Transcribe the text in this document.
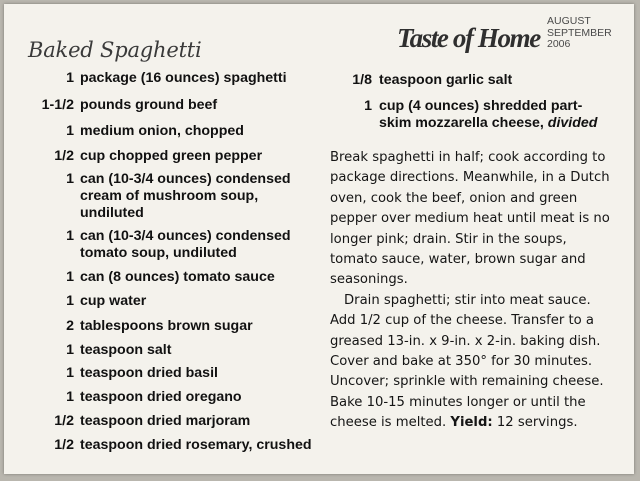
Baked Spaghetti	Taste of Home
AUGUST
SEPTEMBER
2006
1 package (16 ounces) spaghetti
1-1/2 pounds ground beef
1 medium onion, chopped
1/2 cup chopped green pepper
1 can (10-3/4 ounces) condensed cream of mushroom soup, undiluted
1 can (10-3/4 ounces) condensed tomato soup, undiluted
1 can (8 ounces) tomato sauce
1 cup water
2 tablespoons brown sugar
1 teaspoon salt
1 teaspoon dried basil
1 teaspoon dried oregano
1/2 teaspoon dried marjoram
1/2 teaspoon dried rosemary, crushed
1/8 teaspoon garlic salt
1 cup (4 ounces) shredded part-skim mozzarella cheese, divided

Break spaghetti in half; cook according to package directions. Meanwhile, in a Dutch oven, cook the beef, onion and green pepper over medium heat until meat is no longer pink; drain. Stir in the soups, tomato sauce, water, brown sugar and seasonings.

Drain spaghetti; stir into meat sauce. Add 1/2 cup of the cheese. Transfer to a greased 13-in. x 9-in. x 2-in. baking dish. Cover and bake at 350° for 30 minutes. Uncover; sprinkle with remaining cheese. Bake 10-15 minutes longer or until the cheese is melted. Yield: 12 servings.
